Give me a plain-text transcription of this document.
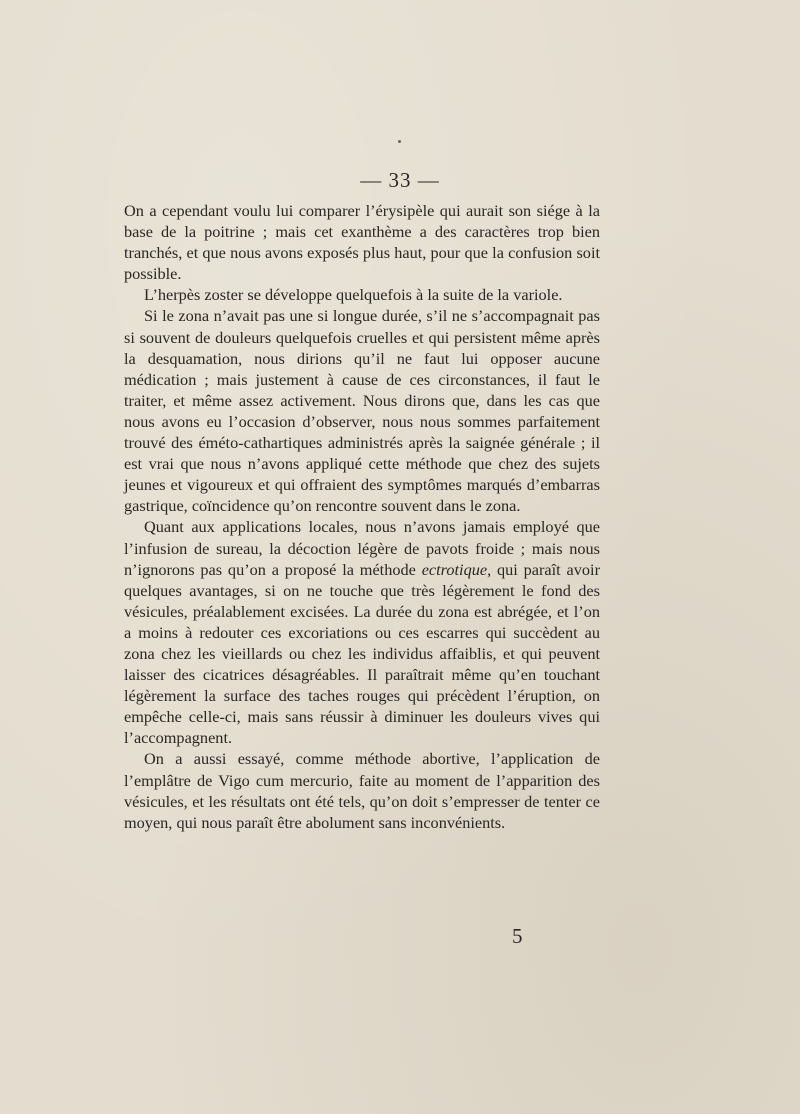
— 33 —

On a cependant voulu lui comparer l’érysipèle qui aurait son siége à la base de la poitrine ; mais cet exanthème a des caractères trop bien tranchés, et que nous avons exposés plus haut, pour que la confusion soit possible.

L’herpès zoster se développe quelquefois à la suite de la variole.

Si le zona n’avait pas une si longue durée, s’il ne s’accompagnait pas si souvent de douleurs quelquefois cruelles et qui persistent même après la desquamation, nous dirions qu’il ne faut lui opposer aucune médication ; mais justement à cause de ces circonstances, il faut le traiter, et même assez activement. Nous dirons que, dans les cas que nous avons eu l’occasion d’observer, nous nous sommes parfaitement trouvé des éméto-cathartiques administrés après la saignée générale ; il est vrai que nous n’avons appliqué cette méthode que chez des sujets jeunes et vigoureux et qui offraient des symptômes marqués d’embarras gastrique, coïncidence qu’on rencontre souvent dans le zona.

Quant aux applications locales, nous n’avons jamais employé que l’infusion de sureau, la décoction légère de pavots froide ; mais nous n’ignorons pas qu’on a proposé la méthode ectrotique, qui paraît avoir quelques avantages, si on ne touche que très légèrement le fond des vésicules, préalablement excisées. La durée du zona est abrégée, et l’on a moins à redouter ces excoriations ou ces escarres qui succèdent au zona chez les vieillards ou chez les individus affaiblis, et qui peuvent laisser des cicatrices désagréables. Il paraîtrait même qu’en touchant légèrement la surface des taches rouges qui précèdent l’éruption, on empêche celle-ci, mais sans réussir à diminuer les douleurs vives qui l’accompagnent.

On a aussi essayé, comme méthode abortive, l’application de l’emplâtre de Vigo cum mercurio, faite au moment de l’apparition des vésicules, et les résultats ont été tels, qu’on doit s’empresser de tenter ce moyen, qui nous paraît être abolument sans inconvénients.

5
